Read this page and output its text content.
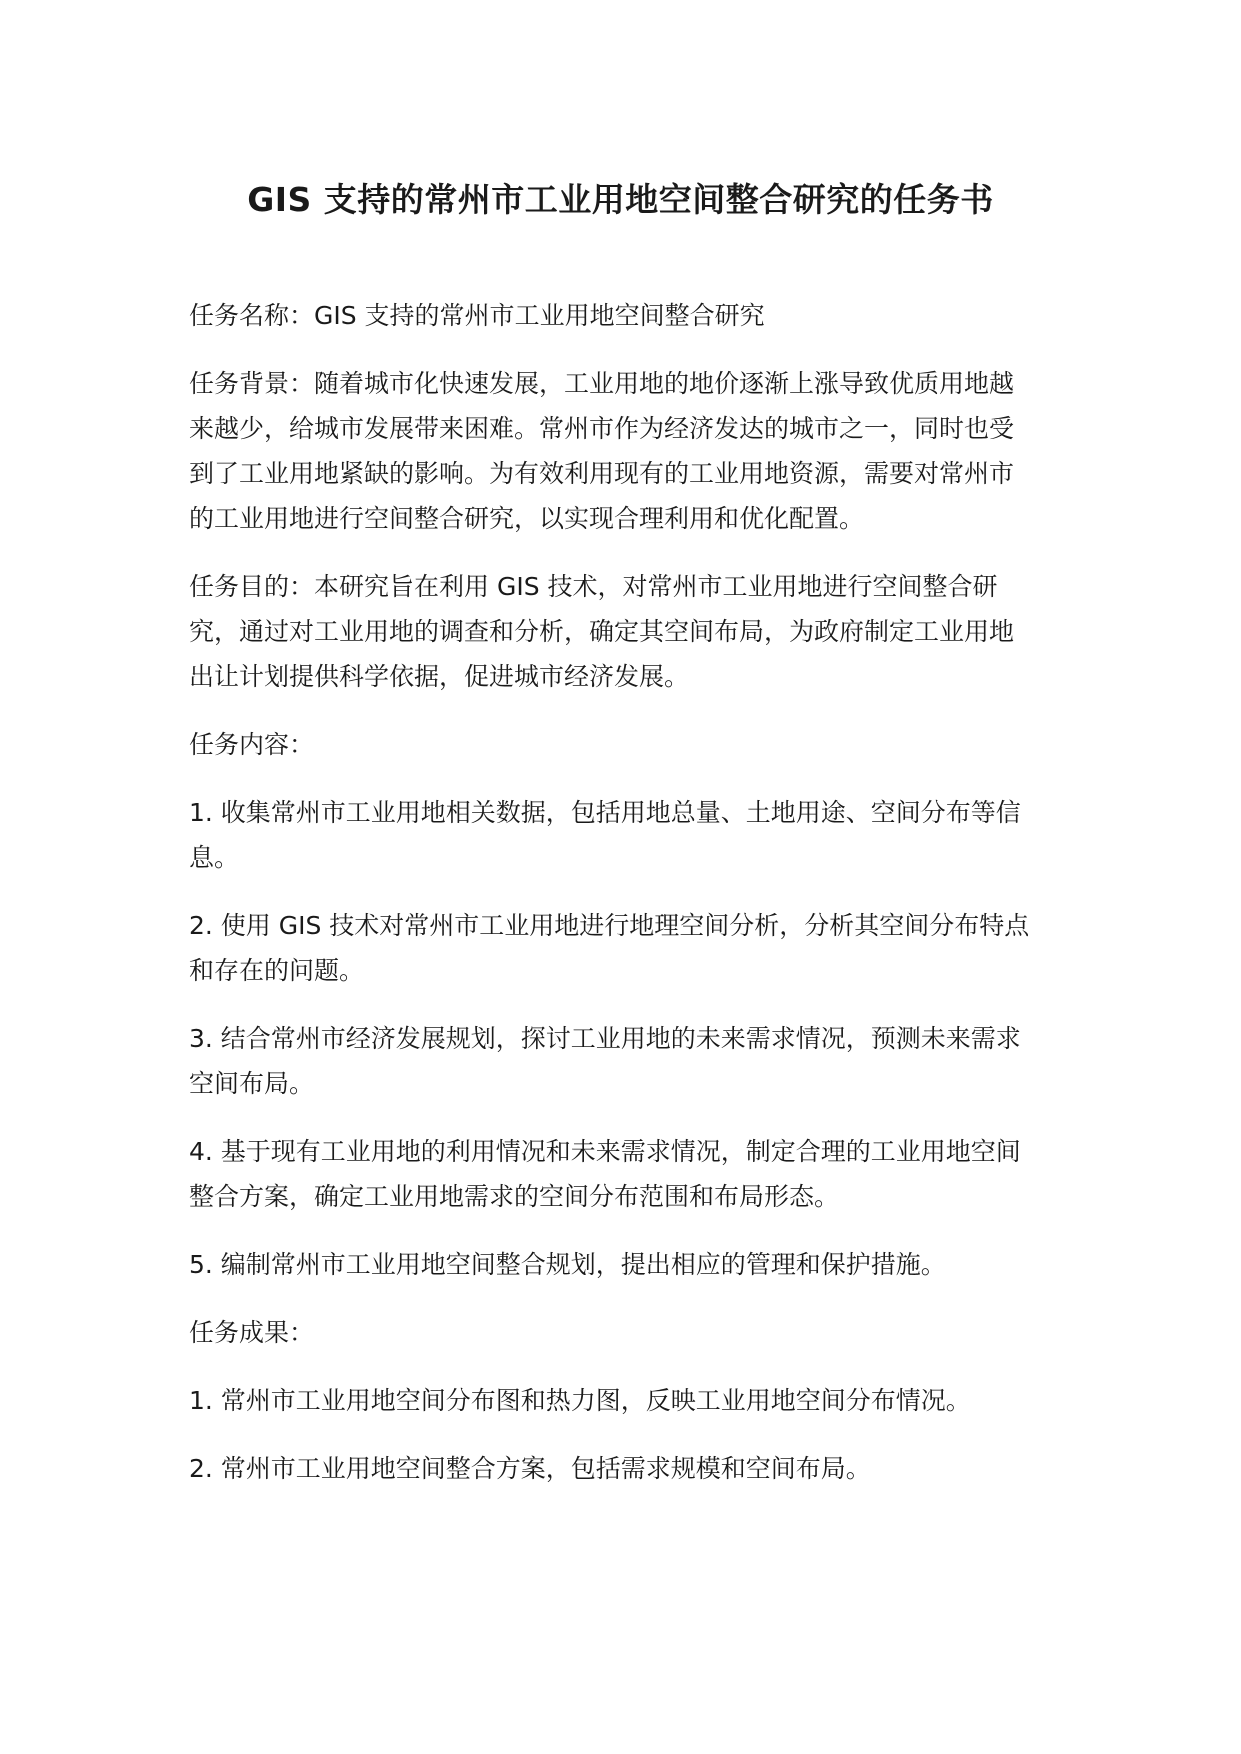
GIS 支持的常州市工业用地空间整合研究的任务书

任务名称：GIS 支持的常州市工业用地空间整合研究

任务背景：随着城市化快速发展，工业用地的地价逐渐上涨导致优质用地越来越少，给城市发展带来困难。常州市作为经济发达的城市之一，同时也受到了工业用地紧缺的影响。为有效利用现有的工业用地资源，需要对常州市的工业用地进行空间整合研究，以实现合理利用和优化配置。

任务目的：本研究旨在利用 GIS 技术，对常州市工业用地进行空间整合研究，通过对工业用地的调查和分析，确定其空间布局，为政府制定工业用地出让计划提供科学依据，促进城市经济发展。

任务内容：

1. 收集常州市工业用地相关数据，包括用地总量、土地用途、空间分布等信息。

2. 使用 GIS 技术对常州市工业用地进行地理空间分析，分析其空间分布特点和存在的问题。

3. 结合常州市经济发展规划，探讨工业用地的未来需求情况，预测未来需求空间布局。

4. 基于现有工业用地的利用情况和未来需求情况，制定合理的工业用地空间整合方案，确定工业用地需求的空间分布范围和布局形态。

5. 编制常州市工业用地空间整合规划，提出相应的管理和保护措施。

任务成果：

1. 常州市工业用地空间分布图和热力图，反映工业用地空间分布情况。

2. 常州市工业用地空间整合方案，包括需求规模和空间布局。
